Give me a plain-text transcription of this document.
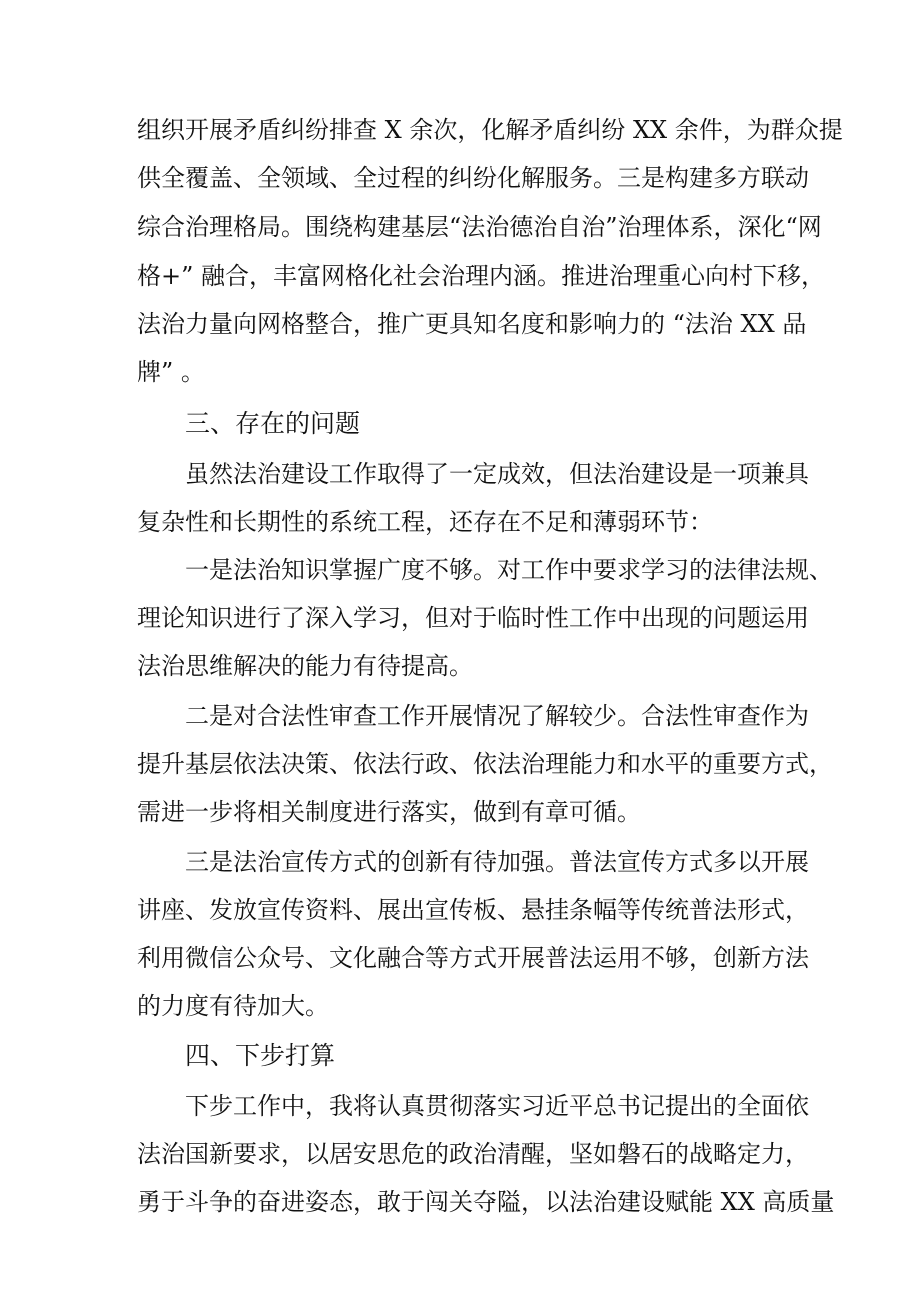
组织开展矛盾纠纷排查 X 余次，化解矛盾纠纷 XX 余件，为群众提
供全覆盖、全领域、全过程的纠纷化解服务。三是构建多方联动
综合治理格局。围绕构建基层“法治德治自治”治理体系，深化“网
格+” 融合，丰富网格化社会治理内涵。推进治理重心向村下移，
法治力量向网格整合，推广更具知名度和影响力的 “法治 XX 品
牌” 。
三、存在的问题
虽然法治建设工作取得了一定成效，但法治建设是一项兼具
复杂性和长期性的系统工程，还存在不足和薄弱环节：
一是法治知识掌握广度不够。对工作中要求学习的法律法规、
理论知识进行了深入学习，但对于临时性工作中出现的问题运用
法治思维解决的能力有待提高。
二是对合法性审查工作开展情况了解较少。合法性审查作为
提升基层依法决策、依法行政、依法治理能力和水平的重要方式，
需进一步将相关制度进行落实，做到有章可循。
三是法治宣传方式的创新有待加强。普法宣传方式多以开展
讲座、发放宣传资料、展出宣传板、悬挂条幅等传统普法形式，
利用微信公众号、文化融合等方式开展普法运用不够，创新方法
的力度有待加大。
四、下步打算
下步工作中，我将认真贯彻落实习近平总书记提出的全面依
法治国新要求，以居安思危的政治清醒，坚如磐石的战略定力，
勇于斗争的奋进姿态，敢于闯关夺隘，以法治建设赋能 XX 高质量
